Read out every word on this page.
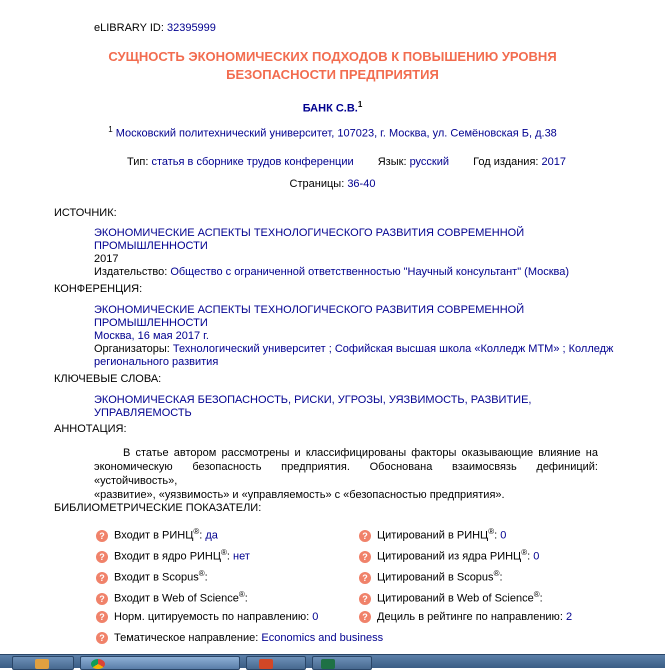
eLIBRARY ID: 32395999
СУЩНОСТЬ ЭКОНОМИЧЕСКИХ ПОДХОДОВ К ПОВЫШЕНИЮ УРОВНЯ
БЕЗОПАСНОСТИ ПРЕДПРИЯТИЯ
БАНК С.В.$^1$
$^1$ Московский политехнический университет, 107023, г. Москва, ул. Семёновская Б, д.38
Тип: статья в сборнике трудов конференции Язык: русский Год издания: 2017
Страницы: 36-40
ИСТОЧНИК:
ЭКОНОМИЧЕСКИЕ АСПЕКТЫ ТЕХНОЛОГИЧЕСКОГО РАЗВИТИЯ СОВРЕМЕННОЙ ПРОМЫШЛЕННОСТИ
2017
Издательство: Общество с ограниченной ответственностью "Научный консультант" (Москва)
КОНФЕРЕНЦИЯ:
ЭКОНОМИЧЕСКИЕ АСПЕКТЫ ТЕХНОЛОГИЧЕСКОГО РАЗВИТИЯ СОВРЕМЕННОЙ ПРОМЫШЛЕННОСТИ
Москва, 16 мая 2017 г.
Организаторы: Технологический университет ; Софийская высшая школа «Колледж МТМ» ; Колледж
регионального развития
КЛЮЧЕВЫЕ СЛОВА:
ЭКОНОМИЧЕСКАЯ БЕЗОПАСНОСТЬ, РИСКИ, УГРОЗЫ, УЯЗВИМОСТЬ, РАЗВИТИЕ, УПРАВЛЯЕМОСТЬ
АННОТАЦИЯ:
В статье автором рассмотрены и классифицированы факторы оказывающие влияние на
экономическую безопасность предприятия. Обоснована взаимосвязь дефиниций: «устойчивость»,
«развитие», «уязвимость» и «управляемость» с «безопасностью предприятия».
БИБЛИОМЕТРИЧЕСКИЕ ПОКАЗАТЕЛИ:
? Входит в РИНЦ®: да
? Входит в ядро РИНЦ®: нет
? Входит в Scopus®:
? Входит в Web of Science®:
? Норм. цитируемость по направлению: 0
? Тематическое направление: Economics and business
? Цитирований в РИНЦ®: 0
? Цитирований из ядра РИНЦ®: 0
? Цитирований в Scopus®:
? Цитирований в Web of Science®:
? Дециль в рейтинге по направлению: 2
